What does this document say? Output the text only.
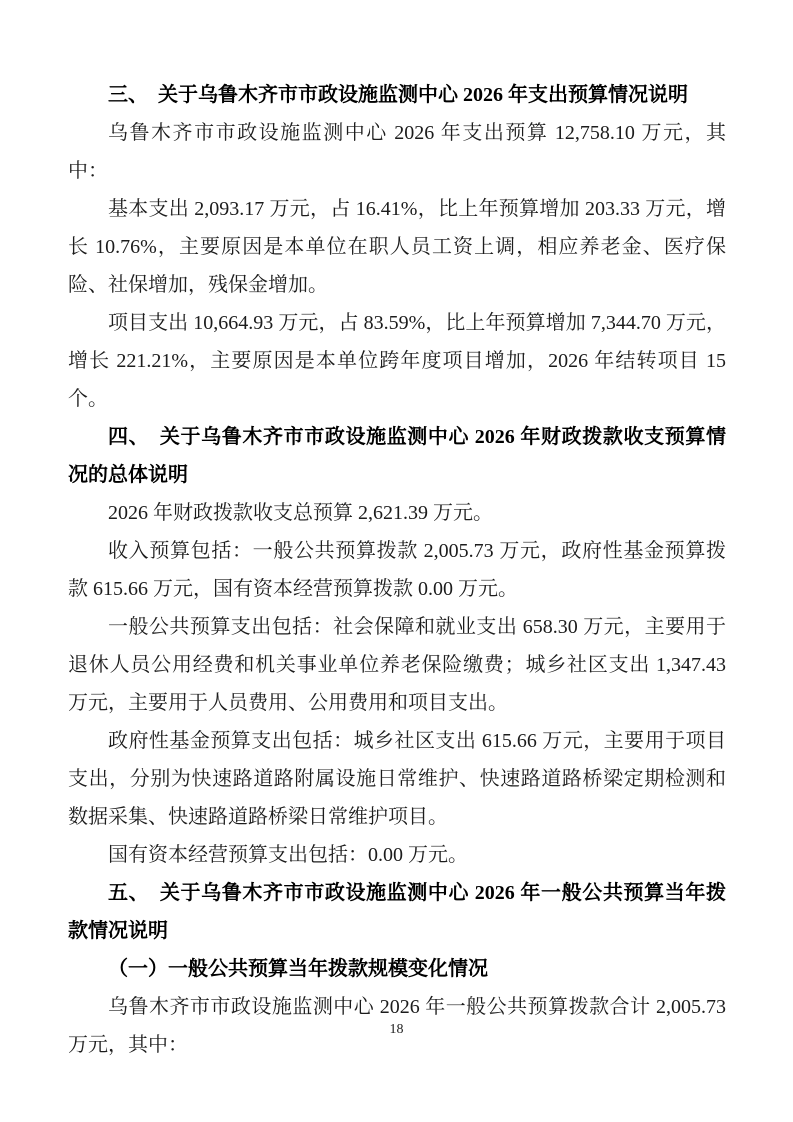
三、　关于乌鲁木齐市市政设施监测中心 2026 年支出预算情况说明

乌鲁木齐市市政设施监测中心 2026 年支出预算 12,758.10 万元，其中：

基本支出 2,093.17 万元，占 16.41%，比上年预算增加 203.33 万元，增长 10.76%，主要原因是本单位在职人员工资上调，相应养老金、医疗保险、社保增加，残保金增加。

项目支出 10,664.93 万元，占 83.59%，比上年预算增加 7,344.70 万元，增长 221.21%，主要原因是本单位跨年度项目增加，2026 年结转项目 15 个。

四、　关于乌鲁木齐市市政设施监测中心 2026 年财政拨款收支预算情况的总体说明

2026 年财政拨款收支总预算 2,621.39 万元。

收入预算包括：一般公共预算拨款 2,005.73 万元，政府性基金预算拨款 615.66 万元，国有资本经营预算拨款 0.00 万元。

一般公共预算支出包括：社会保障和就业支出 658.30 万元，主要用于退休人员公用经费和机关事业单位养老保险缴费；城乡社区支出 1,347.43 万元，主要用于人员费用、公用费用和项目支出。

政府性基金预算支出包括：城乡社区支出 615.66 万元，主要用于项目支出，分别为快速路道路附属设施日常维护、快速路道路桥梁定期检测和数据采集、快速路道路桥梁日常维护项目。

国有资本经营预算支出包括：0.00 万元。

五、　关于乌鲁木齐市市政设施监测中心 2026 年一般公共预算当年拨款情况说明

（一）一般公共预算当年拨款规模变化情况

乌鲁木齐市市政设施监测中心 2026 年一般公共预算拨款合计 2,005.73 万元，其中：

18
